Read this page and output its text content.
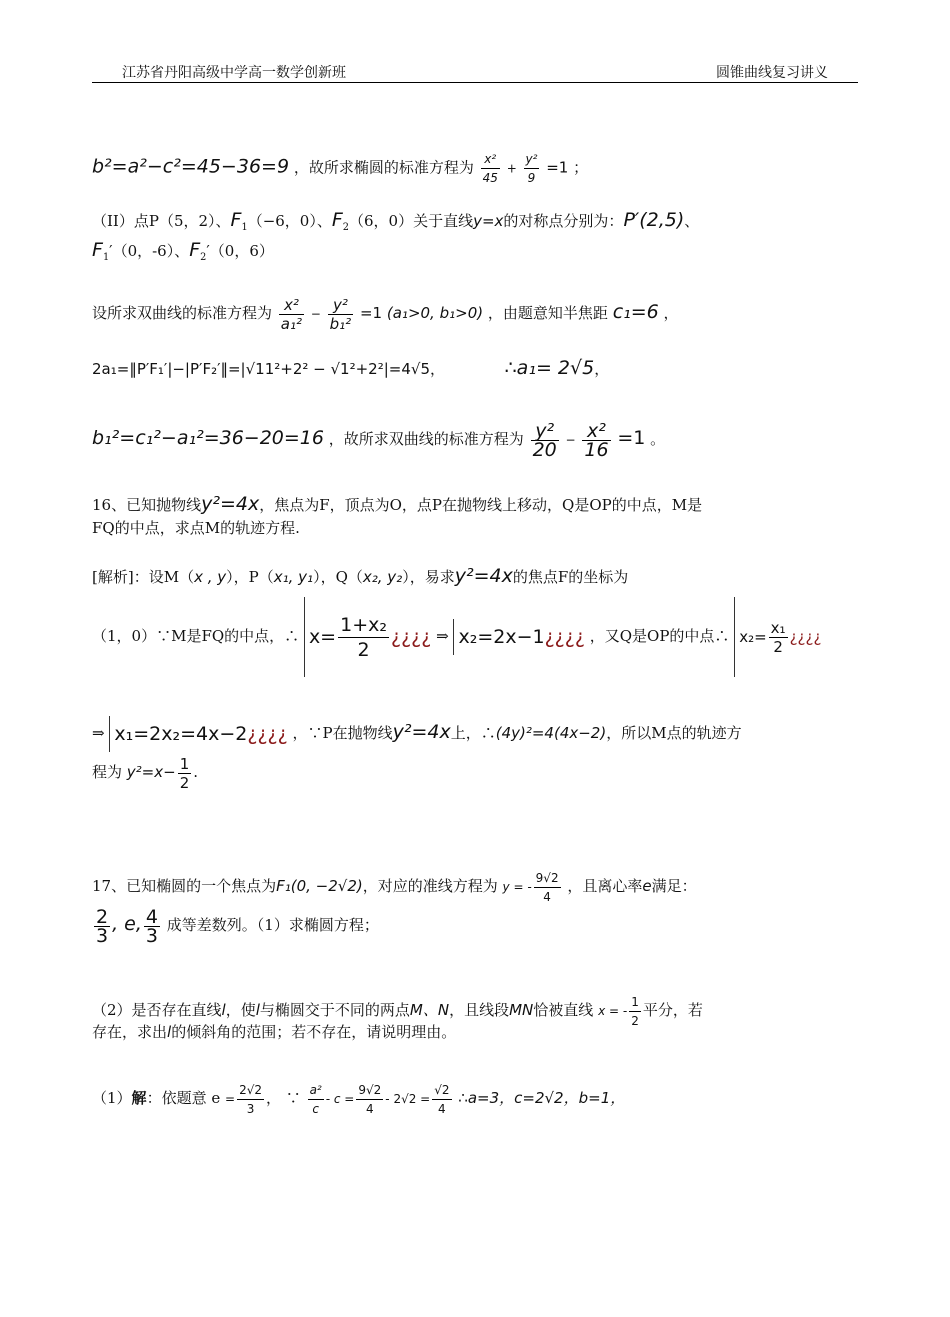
江苏省丹阳高级中学高一数学创新班	圆锥曲线复习讲义
b²=a²−c²=45−36=9 ，故所求椭圆的标准方程为 $\frac{\text{x²}}{45} + \frac{\text{y²}}{9} =1$ ；
（II）点P（5，2）、$F_1(-6$，0）、$F_2(6$，0）关于直线y=x的对称点分别为：P′(2,5)、
$F_1'(0$，-6）、$F_2'(0$，6）
设所求双曲线的标准方程为 $\frac{\text{x²}}{\text{a₁²}} - \frac{\text{y²}}{\text{b₁²}} =1$ (a₁>0, b₁>0) ，由题意知半焦距 c₁=6 ，
2a₁=‖P′F₁′|−|P′F₂′‖=|√11²+2² − √1²+2²|=4√5，	∴a₁= 2√5，
b₁²=c₁²−a₁²=36−20=16 ，故所求双曲线的标准方程为 $\frac{\text{y²}}{20} - \frac{\text{x²}}{16} =1$ 。
16、已知抛物线y²=4x，焦点为F，顶点为O，点P在抛物线上移动，Q是OP的中点，M是
FQ的中点，求点M的轨迹方程.
[解析]：设M（x , y），P（x₁, y₁），Q（x₂, y₂），易求y²=4x的焦点F的坐标为
（1，0）∵M是FQ的中点，∴ $x= \frac{\text{1+x₂}}{2}$ ¿¿¿¿ ⇒ x₂=2x−1¿¿¿¿ ，又Q是OP的中点∴ $x_2= \frac{\text{x₁}}{2}$ ¿¿¿¿
⇒ x₁=2x₂=4x−2¿¿¿¿ ，∵P在抛物线y²=4x上，∴(4y)²=4(4x−2)，所以M点的轨迹方
程为 $y^2=x- \frac{1}{2}$ .
17、已知椭圆的一个焦点为F₁(0, −2√2)，对应的准线方程为 y = - $\frac{9√2}{4}$ ，且离心率e满足：
$\frac{2}{3}$ , e, $\frac{4}{3}$ 成等差数列。（1）求椭圆方程；
（2）是否存在直线l，使l与椭圆交于不同的两点M、N，且线段MN恰被直线 x = - $\frac{1}{2}$ 平分，若
存在，求出l的倾斜角的范围；若不存在，请说明理由。
（1）解：依题意 $e = \frac{2√2}{3}$ ， ∵ $\frac{\text{a²}}{c} - c = \frac{9√2}{4} - 2√2 = \frac{√2}{4}$ ∴a=3，c=2√2，b=1，
